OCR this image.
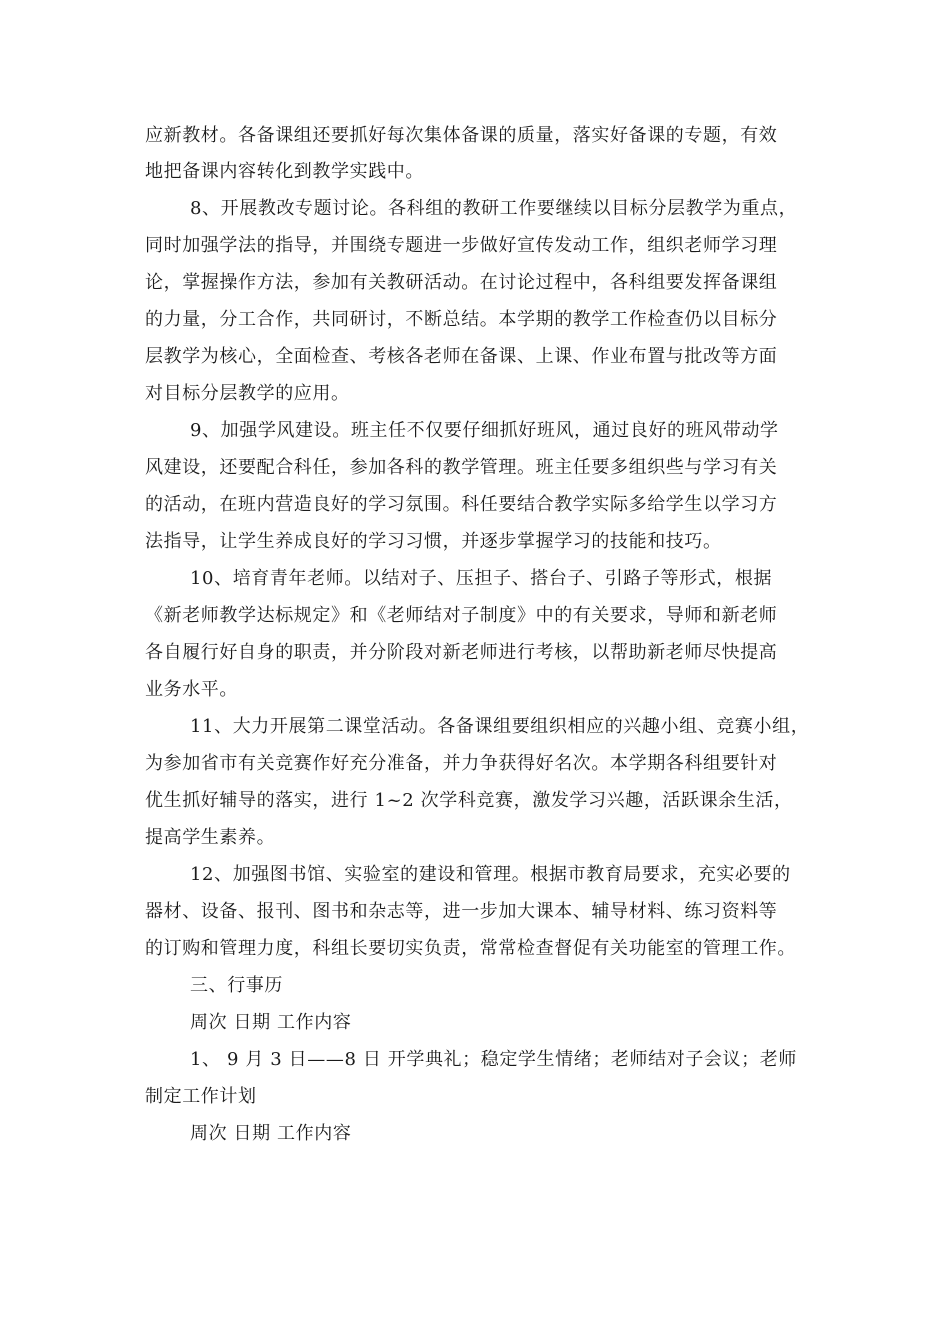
应新教材。各备课组还要抓好每次集体备课的质量，落实好备课的专题，有效
地把备课内容转化到教学实践中。
8、开展教改专题讨论。各科组的教研工作要继续以目标分层教学为重点，
同时加强学法的指导，并围绕专题进一步做好宣传发动工作，组织老师学习理
论，掌握操作方法，参加有关教研活动。在讨论过程中，各科组要发挥备课组
的力量，分工合作，共同研讨，不断总结。本学期的教学工作检查仍以目标分
层教学为核心，全面检查、考核各老师在备课、上课、作业布置与批改等方面
对目标分层教学的应用。
9、加强学风建设。班主任不仅要仔细抓好班风，通过良好的班风带动学
风建设，还要配合科任，参加各科的教学管理。班主任要多组织些与学习有关
的活动，在班内营造良好的学习氛围。科任要结合教学实际多给学生以学习方
法指导，让学生养成良好的学习习惯，并逐步掌握学习的技能和技巧。
10、培育青年老师。以结对子、压担子、搭台子、引路子等形式，根据
《新老师教学达标规定》和《老师结对子制度》中的有关要求，导师和新老师
各自履行好自身的职责，并分阶段对新老师进行考核，以帮助新老师尽快提高
业务水平。
11、大力开展第二课堂活动。各备课组要组织相应的兴趣小组、竞赛小组，
为参加省市有关竞赛作好充分准备，并力争获得好名次。本学期各科组要针对
优生抓好辅导的落实，进行 1~2 次学科竞赛，激发学习兴趣，活跃课余生活，
提高学生素养。
12、加强图书馆、实验室的建设和管理。根据市教育局要求，充实必要的
器材、设备、报刊、图书和杂志等，进一步加大课本、辅导材料、练习资料等
的订购和管理力度，科组长要切实负责，常常检查督促有关功能室的管理工作。
三、行事历
周次 日期 工作内容
1、 9 月 3 日——8 日 开学典礼；稳定学生情绪；老师结对子会议；老师
制定工作计划
周次 日期 工作内容
